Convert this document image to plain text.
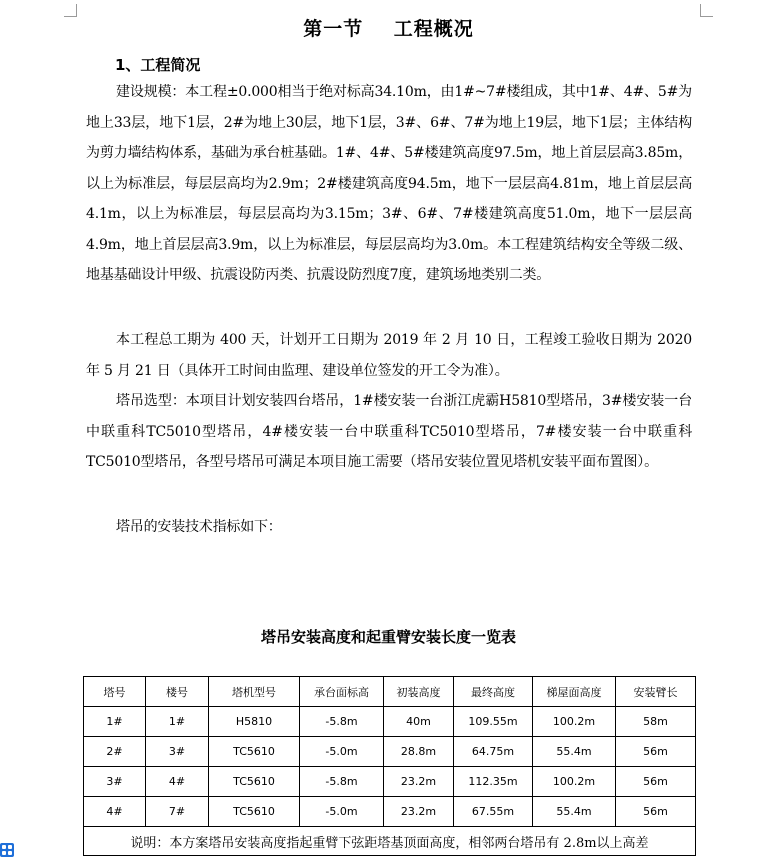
第一节    工程概况
1、工程简况

建设规模：本工程±0.000相当于绝对标高34.10m，由1#~7#楼组成，其中1#、4#、5#为地上33层，地下1层，2#为地上30层，地下1层，3#、6#、7#为地上19层，地下1层；主体结构为剪力墙结构体系，基础为承台桩基础。1#、4#、5#楼建筑高度97.5m，地上首层层高3.85m，以上为标准层，每层层高均为2.9m；2#楼建筑高度94.5m，地下一层层高4.81m，地上首层层高4.1m，以上为标准层，每层层高均为3.15m；3#、6#、7#楼建筑高度51.0m，地下一层层高4.9m，地上首层层高3.9m，以上为标准层，每层层高均为3.0m。本工程建筑结构安全等级二级、地基基础设计甲级、抗震设防丙类、抗震设防烈度7度，建筑场地类别二类。

本工程总工期为 400 天，计划开工日期为 2019 年 2 月 10 日，工程竣工验收日期为 2020 年 5 月 21 日（具体开工时间由监理、建设单位签发的开工令为准）。

塔吊选型：本项目计划安装四台塔吊，1#楼安装一台浙江虎霸H5810型塔吊，3#楼安装一台中联重科TC5010型塔吊，4#楼安装一台中联重科TC5010型塔吊，7#楼安装一台中联重科TC5010型塔吊，各型号塔吊可满足本项目施工需要（塔吊安装位置见塔机安装平面布置图）。

塔吊的安装技术指标如下：

塔吊安装高度和起重臂安装长度一览表
塔号	楼号	塔机型号	承台面标高	初装高度	最终高度	梯屋面高度	安装臂长
1#	1#	H5810	-5.8m	40m	109.55m	100.2m	58m
2#	3#	TC5610	-5.0m	28.8m	64.75m	55.4m	56m
3#	4#	TC5610	-5.8m	23.2m	112.35m	100.2m	56m
4#	7#	TC5610	-5.0m	23.2m	67.55m	55.4m	56m
说明：本方案塔吊安装高度指起重臂下弦距塔基顶面高度，相邻两台塔吊有 2.8m以上高差							
